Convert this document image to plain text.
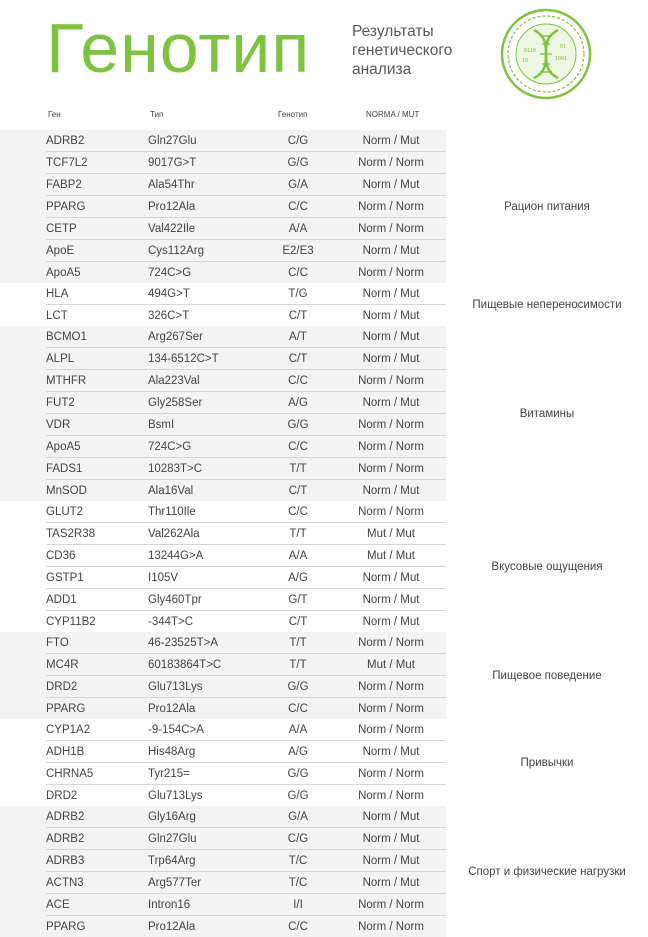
Генотип	Результаты
генетического
анализа
0110
1001
10
01
Ген	Тип	Генотип	NORMA / MUT
	ADRB2	Gln27Glu	C/G	Norm / Mut	Рацион питания
	TCF7L2	9017G>T	G/G	Norm / Norm	
	FABP2	Ala54Thr	G/A	Norm / Mut	
	PPARG	Pro12Ala	C/C	Norm / Norm	
	CETP	Val422Ile	A/A	Norm / Norm	
	ApoE	Cys112Arg	E2/E3	Norm / Mut	
	ApoA5	724C>G	C/C	Norm / Norm	
	HLA	494G>T	T/G	Norm / Mut	Пищевые непереносимости
	LCT	326C>T	C/T	Norm / Mut	
	BCMO1	Arg267Ser	A/T	Norm / Mut	Витамины
	ALPL	134-6512C>T	C/T	Norm / Mut	
	MTHFR	Ala223Val	C/C	Norm / Norm	
	FUT2	Gly258Ser	A/G	Norm / Mut	
	VDR	BsmI	G/G	Norm / Norm	
	ApoA5	724C>G	C/C	Norm / Norm	
	FADS1	10283T>C	T/T	Norm / Norm	
	MnSOD	Ala16Val	C/T	Norm / Mut	
	GLUT2	Thr110Ile	C/C	Norm / Norm	Вкусовые ощущения
	TAS2R38	Val262Ala	T/T	Mut / Mut	
	CD36	13244G>A	A/A	Mut / Mut	
	GSTP1	I105V	A/G	Norm / Mut	
	ADD1	Gly460Tpr	G/T	Norm / Mut	
	CYP11B2	-344T>C	C/T	Norm / Mut	
	FTO	46-23525T>A	T/T	Norm / Norm	Пищевое поведение
	MC4R	60183864T>C	T/T	Mut / Mut	
	DRD2	Glu713Lys	G/G	Norm / Norm	
	PPARG	Pro12Ala	C/C	Norm / Norm	
	CYP1A2	-9-154C>A	A/A	Norm / Norm	Привычки
	ADH1B	His48Arg	A/G	Norm / Mut	
	CHRNA5	Tyr215=	G/G	Norm / Norm	
	DRD2	Glu713Lys	G/G	Norm / Norm	
	ADRB2	Gly16Arg	G/A	Norm / Mut	Спорт и физические нагрузки
	ADRB2	Gln27Glu	C/G	Norm / Mut	
	ADRB3	Trp64Arg	T/C	Norm / Mut	
	ACTN3	Arg577Ter	T/C	Norm / Mut	
	ACE	Intron16	I/I	Norm / Norm	
	PPARG	Pro12Ala	C/C	Norm / Norm	
